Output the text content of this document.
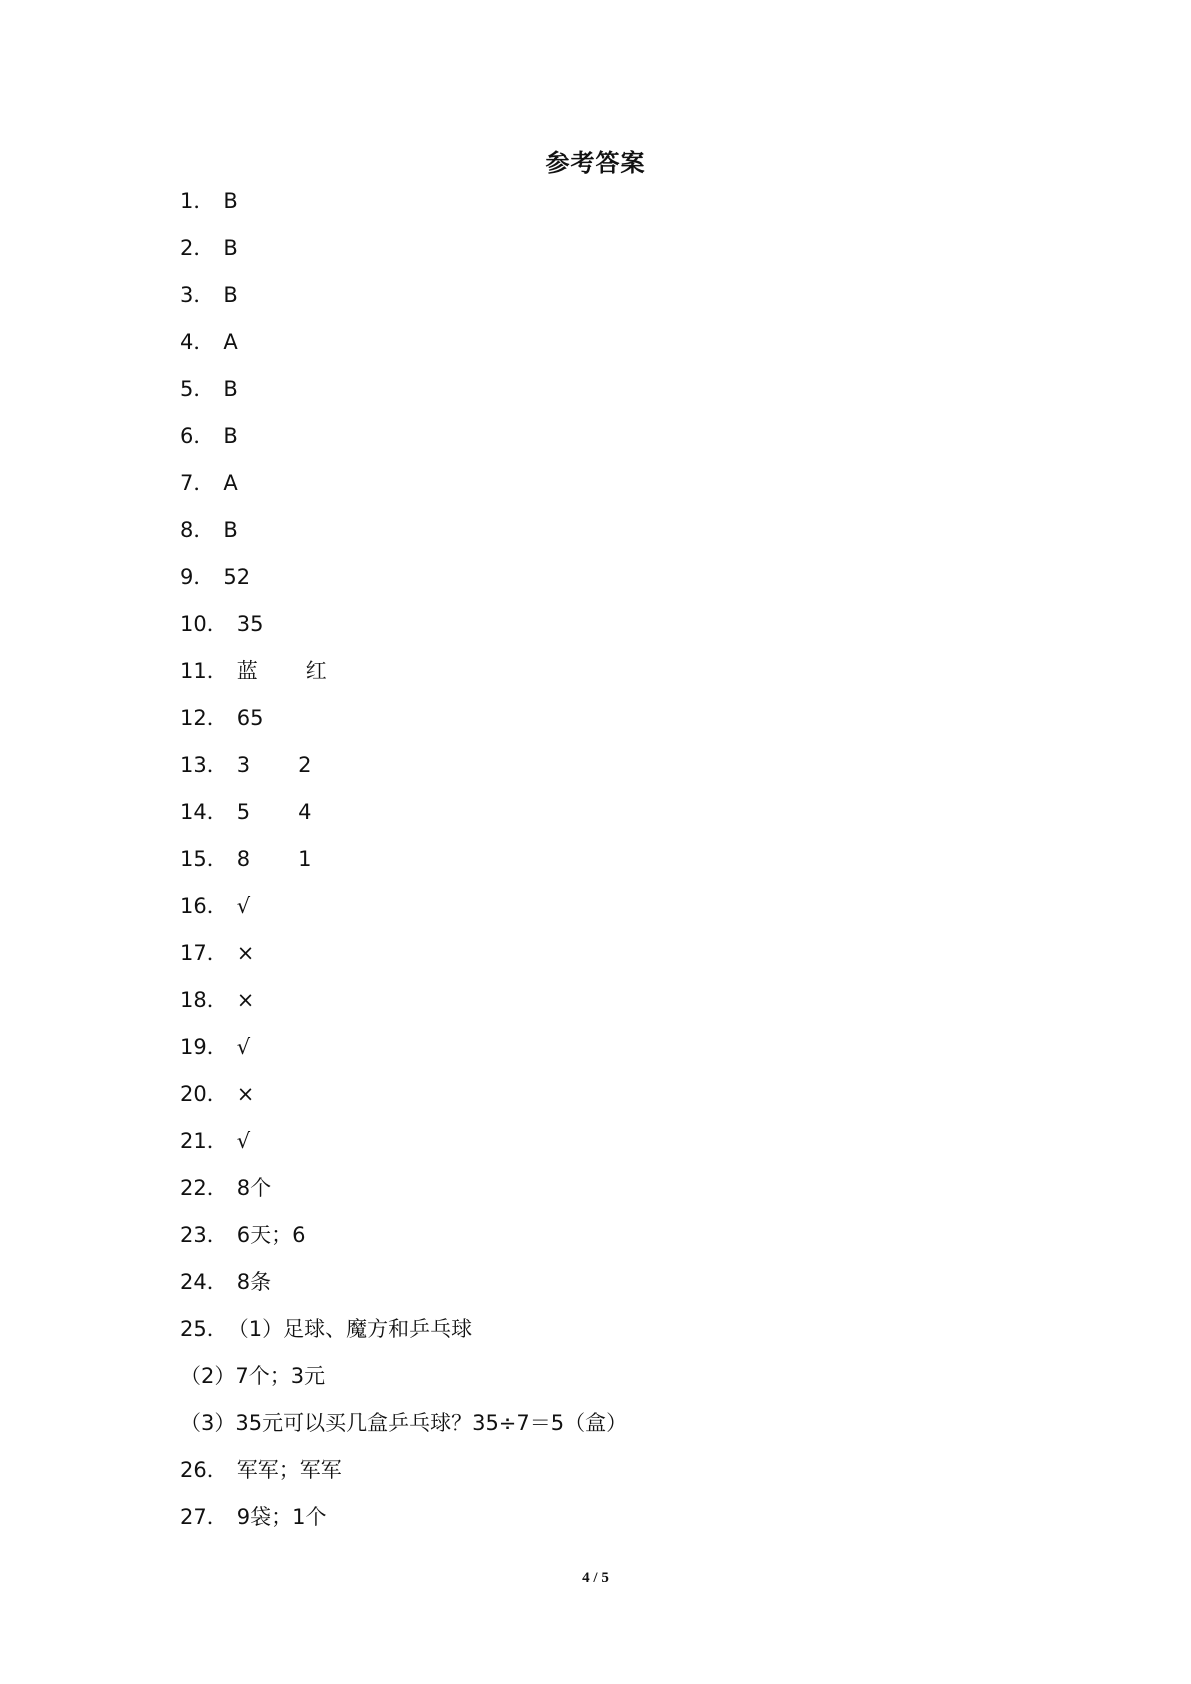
参考答案
1． B
2． B
3． B
4． A
5． B
6． B
7． A
8． B
9． 52
10． 35
11． 蓝 红
12． 65
13． 3 2
14． 5 4
15． 8 1
16． √
17． ×
18． ×
19． √
20． ×
21． √
22． 8个
23． 6天；6
24． 8条
25． （1）足球、魔方和乒乓球
（2）7个；3元
（3）35元可以买几盒乒乓球？35÷7＝5（盒）
26． 军军；军军
27． 9袋；1个
4 / 5
